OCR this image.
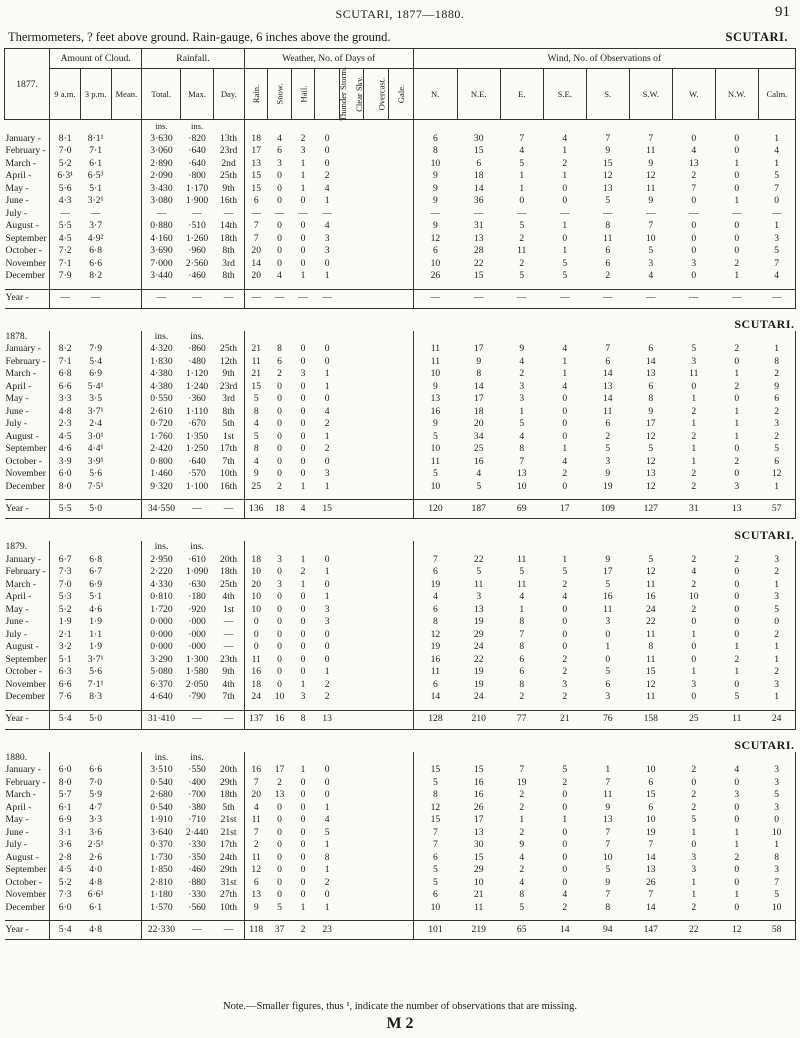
SCUTARI, 1877—1880.	91
Thermometers, ? feet above ground. Rain-gauge, 6 inches above the ground.	SCUTARI.
1877.	Amount of Cloud.			Rainfall.			Weather, No. of Days of							Wind, No. of Observations of								
	9 a.m.	3 p.m.	Mean.	Total.	Max.	Day.	Rain.	Snow.	Hail.	Thunder Storm.	Clear Sky.	Overcast.	Gale.	N.	N.E.	E.	S.E.	S.	S.W.	W.	N.W.	Calm.
				ins.	ins.																	
January -	8·1	8·1¹		3·630	·820	13th	18	4	2	0				6	30	7	4	7	7	0	0	1
February -	7·0	7·1		3·060	·640	23rd	17	6	3	0				8	15	4	1	9	11	4	0	4
March -	5·2	6·1		2·890	·640	2nd	13	3	1	0				10	6	5	2	15	9	13	1	1
April -	6·3¹	6·5³		2·090	·800	25th	15	0	1	2				9	18	1	1	12	12	2	0	5
May -	5·6	5·1		3·430	1·170	9th	15	0	1	4				9	14	1	0	13	11	7	0	7
June -	4·3	3·2¹		3·080	1·900	16th	6	0	0	1				9	36	0	0	5	9	0	1	0
July -	—	—		—	—	—	—	—	—	—				—	—	—	—	—	—	—	—	—
August -	5·5	3·7		0·880	·510	14th	7	0	0	4				9	31	5	1	8	7	0	0	1
September	4·5	4·9²		4·160	1·260	18th	7	0	0	3				12	13	2	0	11	10	0	0	3
October -	7·2	6·8		3·690	·960	8th	20	0	0	3				6	28	11	1	6	5	0	0	5
November	7·1	6·6		7·000	2·560	3rd	14	0	0	0				10	22	2	5	6	3	3	2	7
December	7·9	8·2		3·440	·460	8th	20	4	1	1				26	15	5	5	2	4	0	1	4

Year -	—	—		—	—	—	—	—	—	—				—	—	—	—	—	—	—	—	—
SCUTARI.																						
1878.				ins.	ins.																	
January -	8·2	7·9		4·320	·860	25th	21	8	0	0				11	17	9	4	7	6	5	2	1
February -	7·1	5·4		1·830	·480	12th	11	6	0	0				11	9	4	1	6	14	3	0	8
March -	6·8	6·9		4·380	1·120	9th	21	2	3	1				10	8	2	1	14	13	11	1	2
April -	6·6	5·4¹		4·380	1·240	23rd	15	0	0	1				9	14	3	4	13	6	0	2	9
May -	3·3	3·5		0·550	·360	3rd	5	0	0	0				13	17	3	0	14	8	1	0	6
June -	4·8	3·7¹		2·610	1·110	8th	8	0	0	4				16	18	1	0	11	9	2	1	2
July -	2·3	2·4		0·720	·670	5th	4	0	0	2				9	20	5	0	6	17	1	1	3
August -	4·5	3·0¹		1·760	1·350	1st	5	0	0	1				5	34	4	0	2	12	2	1	2
September	4·6	4·4¹		2·420	1·250	17th	8	0	0	2				10	25	8	1	5	5	1	0	5
October -	3·9	3·9¹		0·800	·640	7th	4	0	0	0				11	16	7	4	3	12	1	2	6
November	6·0	5·6		1·460	·570	10th	9	0	0	3				5	4	13	2	9	13	2	0	12
December	8·0	7·5¹		9·320	1·100	16th	25	2	1	1				10	5	10	0	19	12	2	3	1

Year -	5·5	5·0		34·550	—	—	136	18	4	15				120	187	69	17	109	127	31	13	57
SCUTARI.																						
1879.				ins.	ins.																	
January -	6·7	6·8		2·950	·610	20th	18	3	1	0				7	22	11	1	9	5	2	2	3
February -	7·3	6·7		2·220	1·090	18th	10	0	2	1				6	5	5	5	17	12	4	0	2
March -	7·0	6·9		4·330	·630	25th	20	3	1	0				19	11	11	2	5	11	2	0	1
April -	5·3	5·1		0·810	·180	4th	10	0	0	1				4	3	4	4	16	16	10	0	3
May -	5·2	4·6		1·720	·920	1st	10	0	0	3				6	13	1	0	11	24	2	0	5
June -	1·9	1·9		0·000	·000	—	0	0	0	3				8	19	8	0	3	22	0	0	0
July -	2·1	1·1		0·000	·000	—	0	0	0	0				12	29	7	0	0	11	1	0	2
August -	3·2	1·9		0·000	·000	—	0	0	0	0				19	24	8	0	1	8	0	1	1
September	5·1	3·7¹		3·290	1·300	23th	11	0	0	0				16	22	6	2	0	11	0	2	1
October -	6·3	5·6		5·080	1·580	9th	16	0	0	1				11	19	6	2	5	15	1	1	2
November	6·6	7·1¹		6·370	2·050	4th	18	0	1	2				6	19	8	3	6	12	3	0	3
December	7·6	8·3		4·640	·790	7th	24	10	3	2				14	24	2	2	3	11	0	5	1

Year -	5·4	5·0		31·410	—	—	137	16	8	13				128	210	77	21	76	158	25	11	24
SCUTARI.																						
1880.				ins.	ins.																	
January -	6·0	6·6		3·510	·550	20th	16	17	1	0				15	15	7	5	1	10	2	4	3
February -	8·0	7·0		0·540	·400	29th	7	2	0	0				5	16	19	2	7	6	0	0	3
March -	5·7	5·9		2·680	·700	18th	20	13	0	0				8	16	2	0	11	15	2	3	5
April -	6·1	4·7		0·540	·380	5th	4	0	0	1				12	26	2	0	9	6	2	0	3
May -	6·9	3·3		1·910	·710	21st	11	0	0	4				15	17	1	1	13	10	5	0	0
June -	3·1	3·6		3·640	2·440	21st	7	0	0	5				7	13	2	0	7	19	1	1	10
July -	3·6	2·5¹		0·370	·330	17th	2	0	0	1				7	30	9	0	7	7	0	1	1
August -	2·8	2·6		1·730	·350	24th	11	0	0	8				6	15	4	0	10	14	3	2	8
September	4·5	4·0		1·850	·460	29th	12	0	0	1				5	29	2	0	5	13	3	0	3
October -	5·2	4·8		2·810	·880	31st	6	0	0	2				5	10	4	0	9	26	1	0	7
November	7·3	6·6¹		1·180	·330	27th	13	0	0	0				6	21	8	4	7	7	1	1	5
December	6·0	6·1		1·570	·560	10th	9	5	1	1				10	11	5	2	8	14	2	0	10

Year -	5·4	4·8		22·330	—	—	118	37	2	23				101	219	65	14	94	147	22	12	58
Note.—Smaller figures, thus ¹, indicate the number of observations that are missing.
M 2
